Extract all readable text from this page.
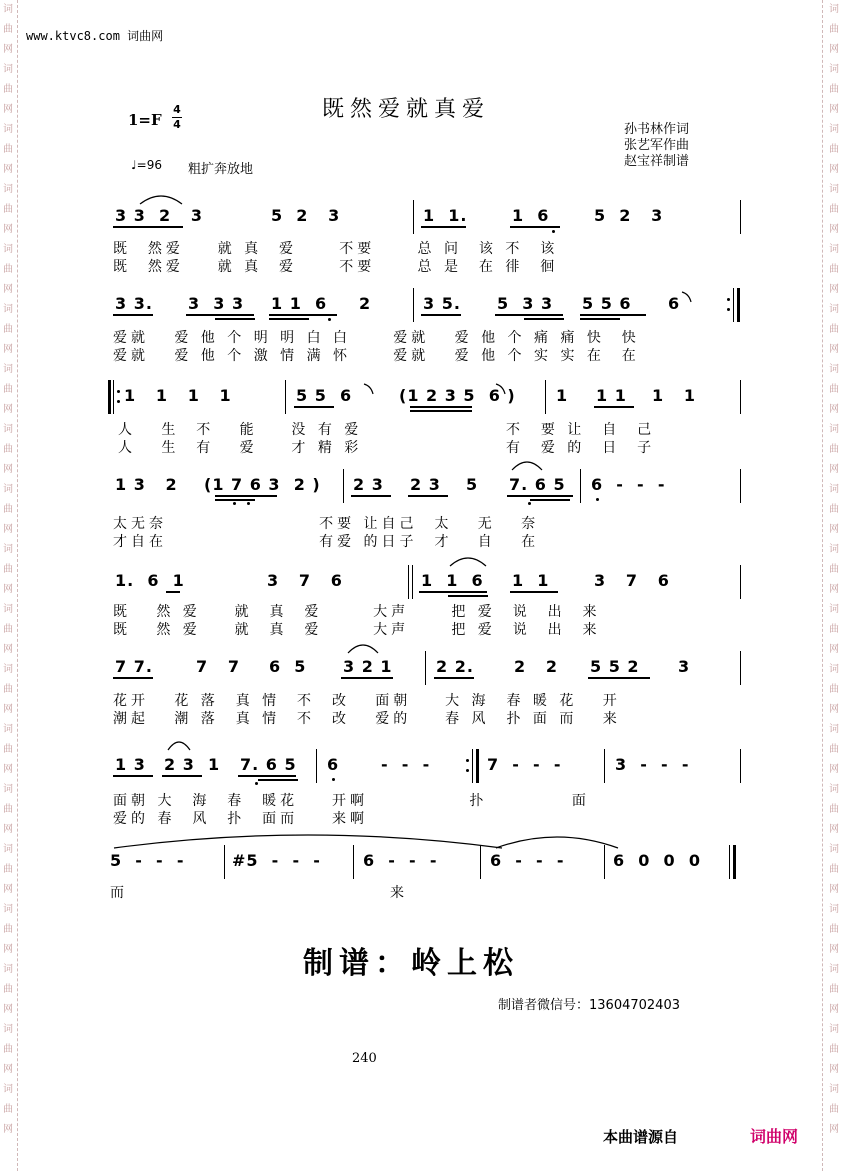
词
曲
网
词
曲
网
词
曲
网
词
曲
网
词
曲
网
词
曲
网
词
曲
网
词
曲
网
词
曲
网
词
曲
网
词
曲
网
词
曲
网
词
曲
网
词
曲
网
词
曲
网
词
曲
网
词
曲
网
词
曲
网
词
曲
网
词
曲
网
词
曲
网
词
曲
网
词
曲
网
词
曲
网
词
曲
网
词
曲
网
词
曲
网
词
曲
网
词
曲
网
词
曲
网
词
曲
网
词
曲
网
词
曲
网
词
曲
网
词
曲
网
词
曲
网
词
曲
网
词
曲
网
www.ktvc8.com 词曲网
既然爱就真爱
1=F
4
4	孙书林作词
张艺军作曲
赵宝祥制谱
♩=96 粗扩奔放地
3 3  2   3	5  2   3	1  1.	1  6	5  2   3
既  然爱    就 真  爱     不要     总 问  该 不  该
既  然爱    就 真  爱     不要     总 是  在 徘  徊
3 3. 3  3 3 1 1  6 2	3 5. 5  3 3 5 5 6 6
爱就   爱 他 个 明 明 白 白     爱就   爱 他 个 痛 痛 快  快
爱就   爱 他 个 激 情 满 怀     爱就   爱 他 个 实 实 在  在
1   1   1   1	5 5  6	(1 2 3 5  6 )	1 1 1 1   1
人   生  不   能    没 有 爱                 不  要 让  自  己
人   生  有   爱    才 精 彩                 有  爱 的  日  子
1 3   2 (1 7 6 3  2 ) 2 3 2 3 5 7. 6 5 6  -  -  -
太无奈                  不要 让自己  太   无   奈
才自在                  有爱 的日子  才   自   在
1.  6  1	3   7   6	1  1  6 1  1	3   7   6
既   然 爱    就  真  爱      大声     把 爱  说  出  来
既   然 爱    就  真  爱      大声     把 爱  说  出  来
7 7.	7   7 6  5 3 2 1	2 2.	2   2 5 5 2 3
花开   花 落  真 情  不  改   面朝    大 海  春 暖 花   开
潮起   潮 落  真 情  不  改   爱的    春 风  扑 面 而   来
1 3 2 3 1 7. 6 5 6	-  -  -	7  -  -  -	3  -  -  -
面朝 大  海  春  暖花    开啊            扑          面
爱的 春  风  扑  面而    来啊
5  -  -  -	#5  -  -  -	6  -  -  -	6  -  -  -	6  0  0  0
而                               来
制谱：岭上松
制谱者微信号：13604702403
240
本曲谱源自	词曲网
